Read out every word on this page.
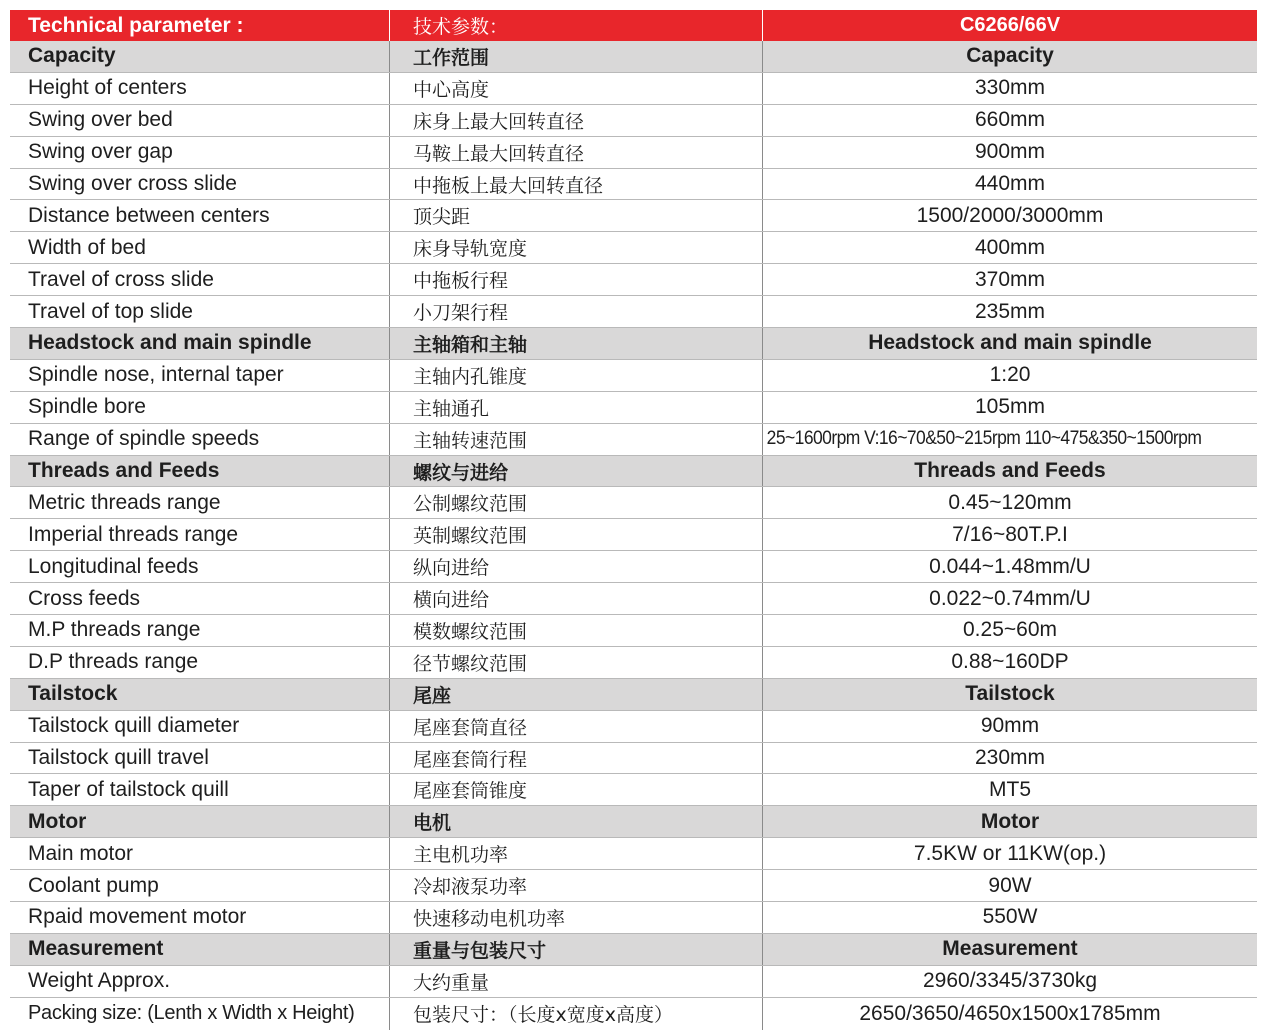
Technical parameter :	技术参数：	C6266/66V
Capacity	工作范围	Capacity
Height of centers	中心高度	330mm
Swing over bed	床身上最大回转直径	660mm
Swing over gap	马鞍上最大回转直径	900mm
Swing over cross slide	中拖板上最大回转直径	440mm
Distance between centers	顶尖距	1500/2000/3000mm
Width of bed	床身导轨宽度	400mm
Travel of cross slide	中拖板行程	370mm
Travel of top slide	小刀架行程	235mm
Headstock and main spindle	主轴箱和主轴	Headstock and main spindle
Spindle nose, internal taper	主轴内孔锥度	1:20
Spindle bore	主轴通孔	105mm
Range of spindle speeds	主轴转速范围	25~1600rpm V:16~70&50~215rpm 110~475&350~1500rpm
Threads and Feeds	螺纹与进给	Threads and Feeds
Metric threads range	公制螺纹范围	0.45~120mm
Imperial threads range	英制螺纹范围	7/16~80T.P.I
Longitudinal feeds	纵向进给	0.044~1.48mm/U
Cross feeds	横向进给	0.022~0.74mm/U
M.P threads range	模数螺纹范围	0.25~60m
D.P threads range	径节螺纹范围	0.88~160DP
Tailstock	尾座	Tailstock
Tailstock quill diameter	尾座套筒直径	90mm
Tailstock quill travel	尾座套筒行程	230mm
Taper of tailstock quill	尾座套筒锥度	MT5
Motor	电机	Motor
Main motor	主电机功率	7.5KW or 11KW(op.)
Coolant pump	冷却液泵功率	90W
Rpaid movement motor	快速移动电机功率	550W
Measurement	重量与包装尺寸	Measurement
Weight Approx.	大约重量	2960/3345/3730kg
Packing size: (Lenth x Width x Height)	包装尺寸：（长度x宽度x高度）	2650/3650/4650x1500x1785mm
